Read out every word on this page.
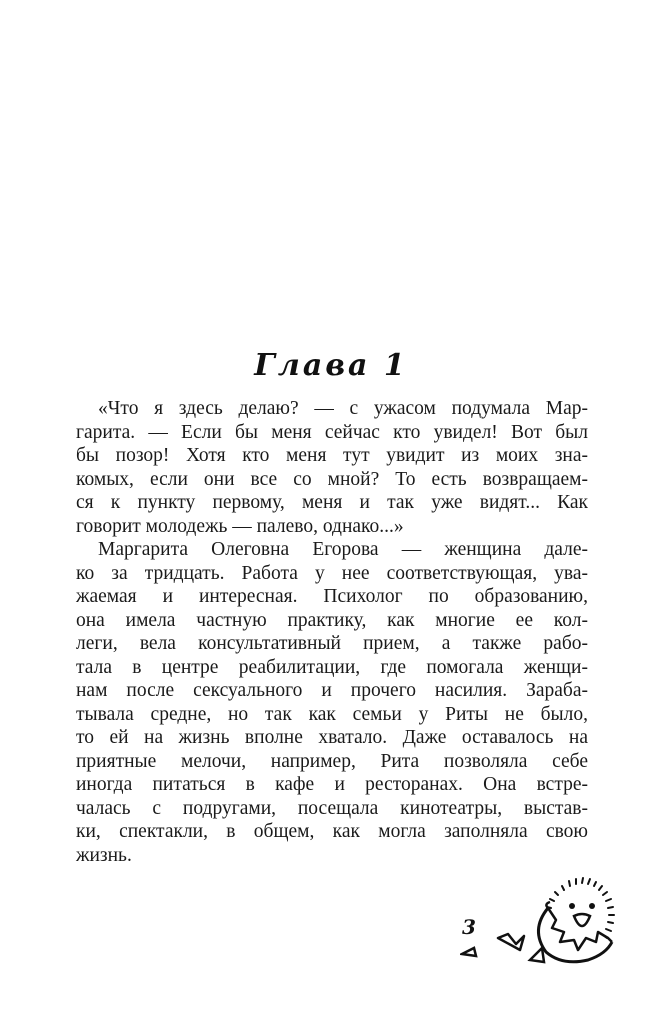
Глава 1
«Что я здесь делаю? — с ужасом подумала Мар-
гарита. — Если бы меня сейчас кто увидел! Вот был
бы позор! Хотя кто меня тут увидит из моих зна-
комых, если они все со мной? То есть возвращаем-
ся к пункту первому, меня и так уже видят... Как
говорит молодежь — палево, однако...»
Маргарита Олеговна Егорова — женщина дале-
ко за тридцать. Работа у нее соответствующая, ува-
жаемая и интересная. Психолог по образованию,
она имела частную практику, как многие ее кол-
леги, вела консультативный прием, а также рабо-
тала в центре реабилитации, где помогала женщи-
нам после сексуального и прочего насилия. Зараба-
тывала средне, но так как семьи у Риты не было,
то ей на жизнь вполне хватало. Даже оставалось на
приятные мелочи, например, Рита позволяла себе
иногда питаться в кафе и ресторанах. Она встре-
чалась с подругами, посещала кинотеатры, выстав-
ки, спектакли, в общем, как могла заполняла свою
жизнь.
3
